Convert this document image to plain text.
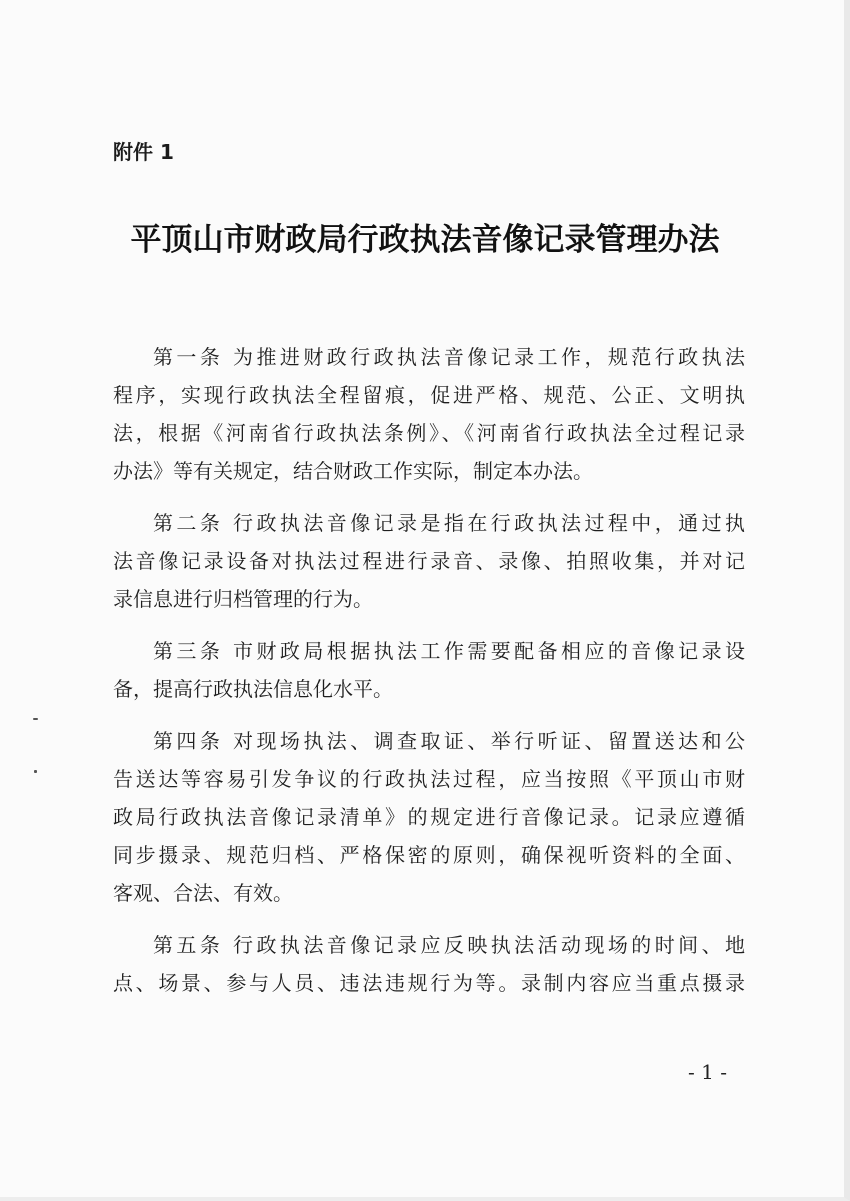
附件 1
平顶山市财政局行政执法音像记录管理办法
第一条 为推进财政行政执法音像记录工作，规范行政执法
程序，实现行政执法全程留痕，促进严格、规范、公正、文明执
法，根据《河南省行政执法条例》、《河南省行政执法全过程记录
办法》等有关规定，结合财政工作实际，制定本办法。
第二条 行政执法音像记录是指在行政执法过程中，通过执
法音像记录设备对执法过程进行录音、录像、拍照收集，并对记
录信息进行归档管理的行为。
第三条 市财政局根据执法工作需要配备相应的音像记录设
备，提高行政执法信息化水平。
第四条 对现场执法、调查取证、举行听证、留置送达和公
告送达等容易引发争议的行政执法过程，应当按照《平顶山市财
政局行政执法音像记录清单》的规定进行音像记录。记录应遵循
同步摄录、规范归档、严格保密的原则，确保视听资料的全面、
客观、合法、有效。
第五条 行政执法音像记录应反映执法活动现场的时间、地
点、场景、参与人员、违法违规行为等。录制内容应当重点摄录
- 1 -
